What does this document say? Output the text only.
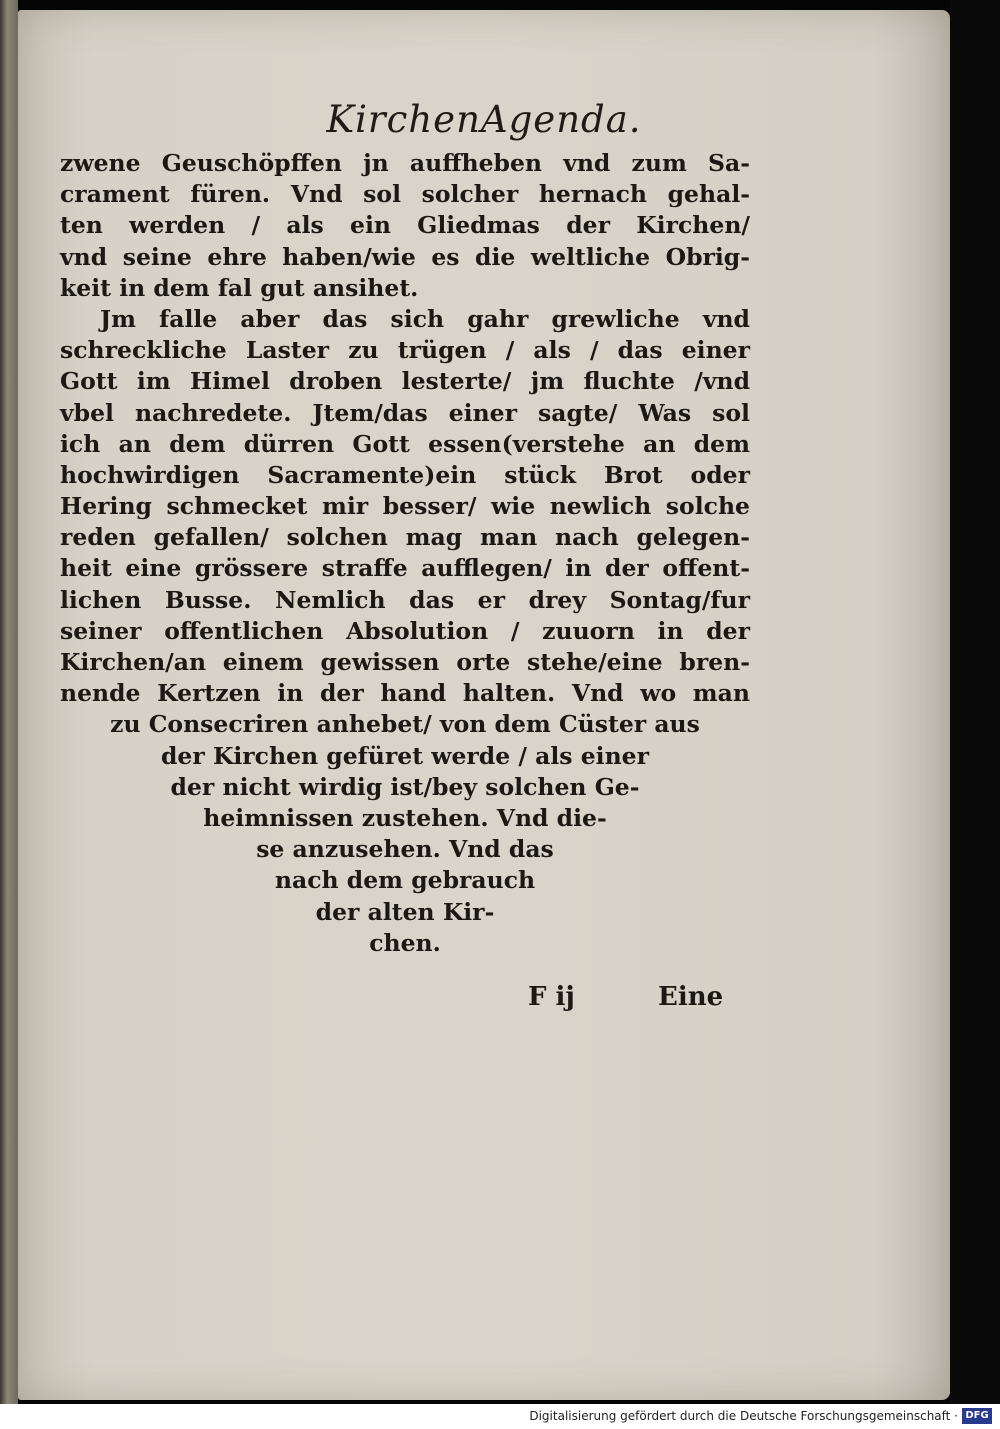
KirchenAgenda.
zwene Geuschöpffen jn auffheben vnd zum Sa-
crament füren. Vnd sol solcher hernach gehal-
ten werden / als ein Gliedmas der Kirchen/
vnd seine ehre haben/wie es die weltliche Obrig-
keit in dem fal gut ansihet.
Jm falle aber das sich gahr grewliche vnd
schreckliche Laster zu trügen / als / das einer
Gott im Himel droben lesterte/ jm fluchte /vnd
vbel nachredete. Jtem/das einer sagte/ Was sol
ich an dem dürren Gott essen(verstehe an dem
hochwirdigen Sacramente)ein stück Brot oder
Hering schmecket mir besser/ wie newlich solche
reden gefallen/ solchen mag man nach gelegen-
heit eine grössere straffe aufflegen/ in der offent-
lichen Busse. Nemlich das er drey Sontag/fur
seiner offentlichen Absolution / zuuorn in der
Kirchen/an einem gewissen orte stehe/eine bren-
nende Kertzen in der hand halten. Vnd wo man
zu Consecriren anhebet/ von dem Cüster aus
der Kirchen gefüret werde / als einer
der nicht wirdig ist/bey solchen Ge-
heimnissen zustehen. Vnd die-
se anzusehen. Vnd das
nach dem gebrauch
der alten Kir-
chen.
F ij	Eine
Digitalisierung gefördert durch die Deutsche Forschungsgemeinschaft · DFG
